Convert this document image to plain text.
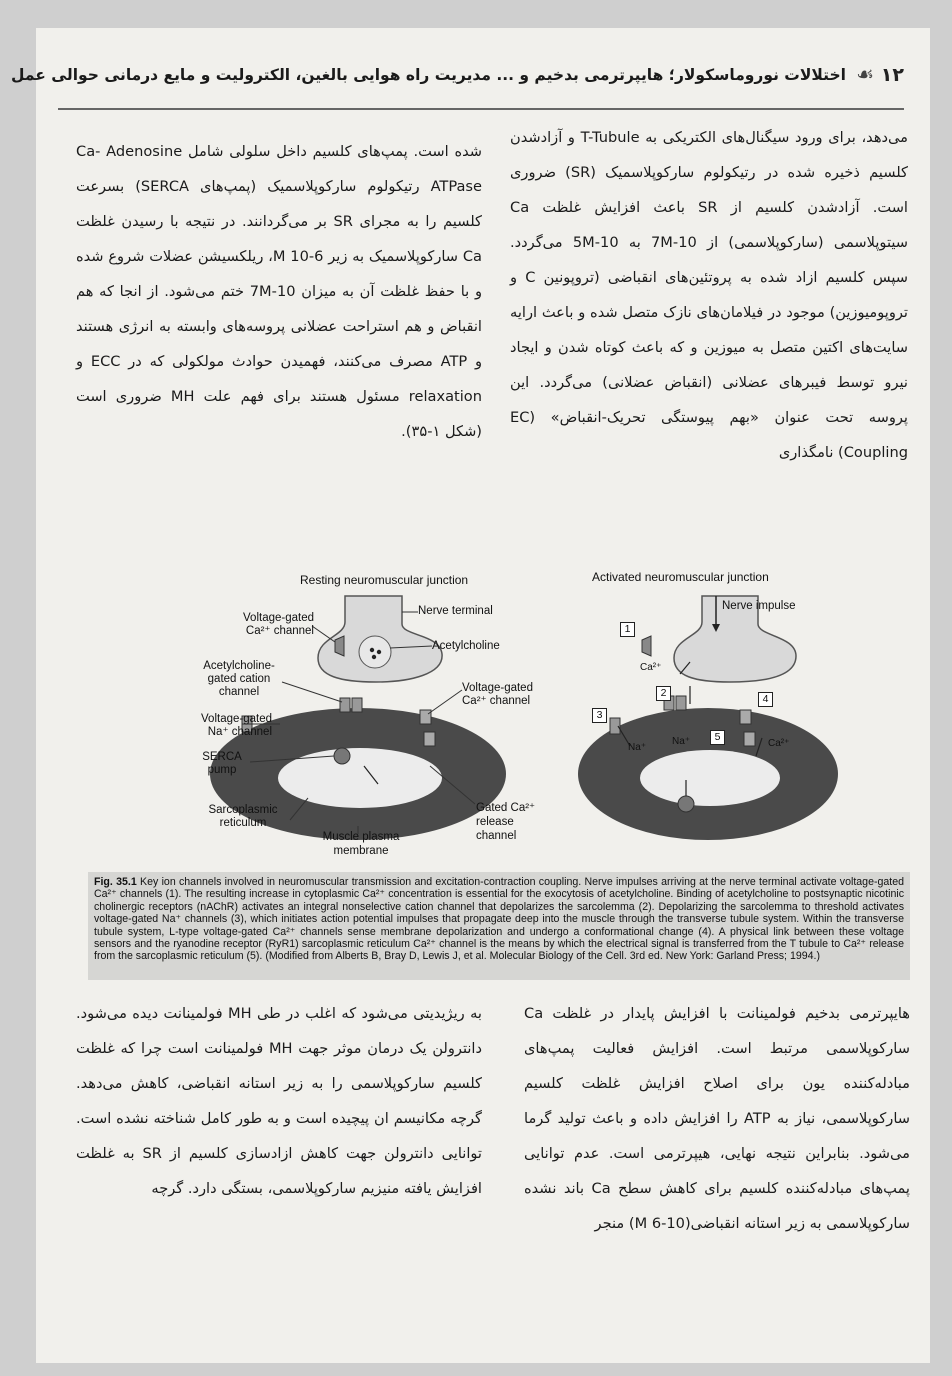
١٢
☙
اختلالات نوروماسکولار؛ هایپرترمی بدخیم و ... مدیریت راه هوایی بالغین، الکترولیت و مایع درمانی حوالی عمل

می‌دهد، برای ورود سیگنال‌های الکتریکی به T-Tubule و آزادشدن کلسیم ذخیره شده در رتیکولوم سارکوپلاسمیک (SR) ضروری است. آزادشدن کلسیم از SR باعث افزایش غلظت Ca سیتوپلاسمی (سارکوپلاسمی) از 10-7M به 10-5M می‌گردد. سپس کلسیم ازاد شده به پروتئین‌های انقباضی (تروپونین C و تروپومیوزین) موجود در فیلامان‌های نازک متصل شده و باعث ارایه سایت‌های اکتین متصل به میوزین و که باعث کوتاه شدن و ایجاد نیرو توسط فیبرهای عضلانی (انقباض عضلانی) می‌گردد. این پروسه تحت عنوان «بهم پیوستگی تحریک-انقباض» (EC Coupling) نامگذاری

شده است. پمپ‌های کلسیم داخل سلولی شامل Ca- Adenosine ATPase رتیکولوم سارکوپلاسمیک (پمپ‌های SERCA) بسرعت کلسیم را به مجرای SR بر می‌گردانند. در نتیجه با رسیدن غلظت Ca سارکوپلاسمیک به زیر M 10-6، ریلکسیشن عضلات شروع شده و با حفظ غلظت آن به میزان 10-7M ختم می‌شود. از انجا که هم انقباض و هم استراحت عضلانی پروسه‌های وابسته به انرژی هستند و ATP مصرف می‌کنند، فهمیدن حوادث مولکولی که در ECC و relaxation مسئول هستند برای فهم علت MH ضروری است (شکل ۱-۳۵).

Resting neuromuscular junction	Activated neuromuscular junction
Nerve terminal
Voltage-gated
Ca²⁺ channel
Acetylcholine
Acetylcholine-
gated cation
channel	Voltage-gated
Ca²⁺ channel
Voltage-gated
Na⁺ channel
SERCA
pump
Sarcoplasmic
reticulum
Muscle plasma
membrane
Gated Ca²⁺
release
channel
Nerve impulse
1
2
3
4
5
Ca²⁺
Na⁺
Na⁺	Ca²⁺
Fig. 35.1 Key ion channels involved in neuromuscular transmission and excitation-contraction coupling. Nerve impulses arriving at the nerve terminal activate voltage-gated Ca²⁺ channels (1). The resulting increase in cytoplasmic Ca²⁺ concentration is essential for the exocytosis of acetylcholine. Binding of acetylcholine to postsynaptic nicotinic cholinergic receptors (nAChR) activates an integral nonselective cation channel that depolarizes the sarcolemma (2). Depolarizing the sarcolemma to threshold activates voltage-gated Na⁺ channels (3), which initiates action potential impulses that propagate deep into the muscle through the transverse tubule system. Within the transverse tubule system, L-type voltage-gated Ca²⁺ channels sense membrane depolarization and undergo a conformational change (4). A physical link between these voltage sensors and the ryanodine receptor (RyR1) sarcoplasmic reticulum Ca²⁺ channel is the means by which the electrical signal is transferred from the T tubule to Ca²⁺ release from the sarcoplasmic reticulum (5). (Modified from Alberts B, Bray D, Lewis J, et al. Molecular Biology of the Cell. 3rd ed. New York: Garland Press; 1994.)

هایپرترمی بدخیم فولمینانت با افزایش پایدار در غلظت Ca سارکوپلاسمی مرتبط است. افزایش فعالیت پمپ‌های مبادله‌کننده یون برای اصلاح افزایش غلظت کلسیم سارکوپلاسمی، نیاز به ATP را افزایش داده و باعث تولید گرما می‌شود. بنابراین نتیجه نهایی، هیپرترمی است. عدم توانایی پمپ‌های مبادله‌کننده کلسیم برای کاهش سطح Ca باند نشده سارکوپلاسمی به زیر استانه انقباضی(10-6 M) منجر

به ریژیدیتی می‌شود که اغلب در طی MH فولمینانت دیده می‌شود. دانترولن یک درمان موثر جهت MH فولمینانت است چرا که غلظت کلسیم سارکوپلاسمی را به زیر استانه انقباضی، کاهش می‌دهد. گرچه مکانیسم ان پیچیده است و به طور کامل شناخته نشده است. توانایی دانترولن جهت کاهش ازادسازی کلسیم از SR به غلظت افزایش یافته منیزیم سارکوپلاسمی، بستگی دارد. گرچه
